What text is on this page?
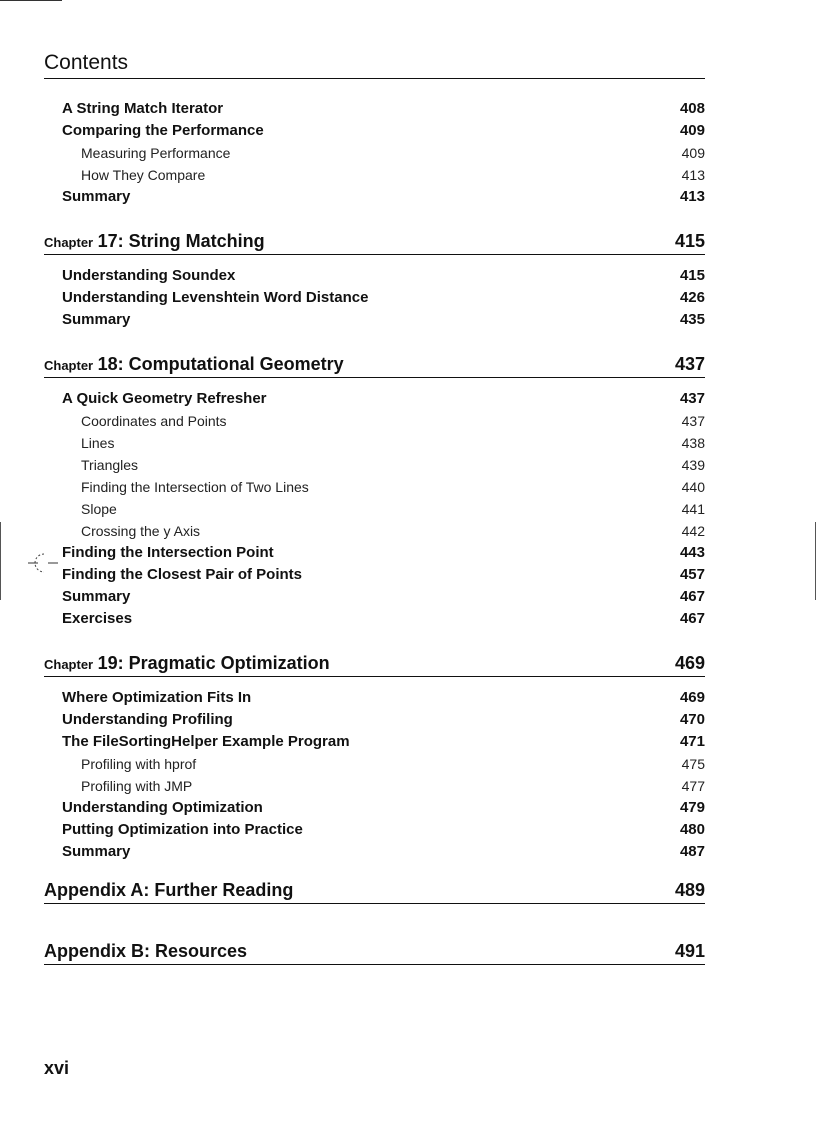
Contents
A String Match Iterator	408
Comparing the Performance	409
Measuring Performance	409
How They Compare	413
Summary	413
Chapter 17: String Matching	415
Understanding Soundex	415
Understanding Levenshtein Word Distance	426
Summary	435
Chapter 18: Computational Geometry	437
A Quick Geometry Refresher	437
Coordinates and Points	437
Lines	438
Triangles	439
Finding the Intersection of Two Lines	440
Slope	441
Crossing the y Axis	442
Finding the Intersection Point	443
Finding the Closest Pair of Points	457
Summary	467
Exercises	467
Chapter 19: Pragmatic Optimization	469
Where Optimization Fits In	469
Understanding Profiling	470
The FileSortingHelper Example Program	471
Profiling with hprof	475
Profiling with JMP	477
Understanding Optimization	479
Putting Optimization into Practice	480
Summary	487
Appendix A: Further Reading	489
Appendix B: Resources	491
xvi
